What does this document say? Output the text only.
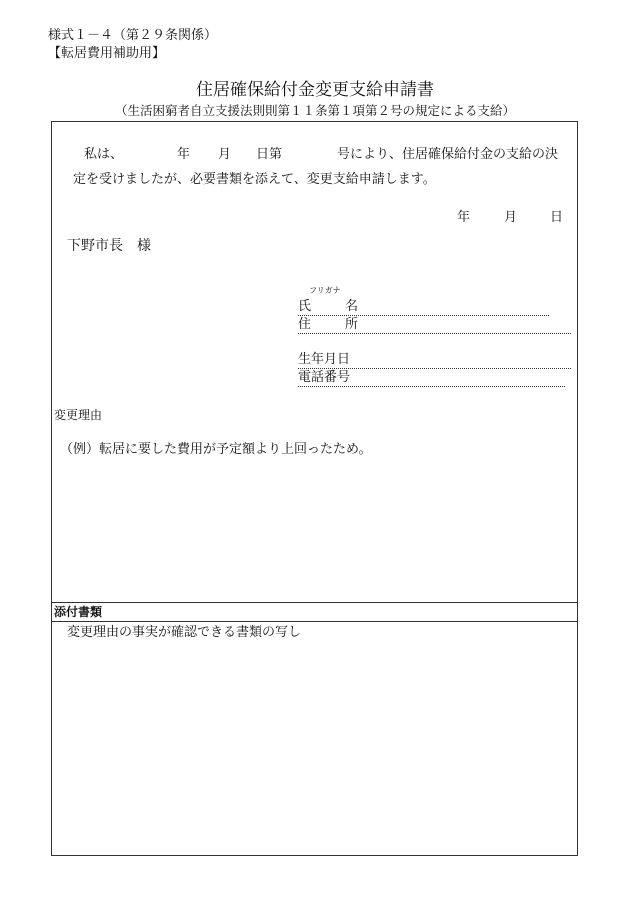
様式１－４（第２９条関係）
【転居費用補助用】
住居確保給付金変更支給申請書
（生活困窮者自立支援法則則第１１条第１項第２号の規定による支給）
私は、	年 月 日第	号により、住居確保給付金の支給の決
定を受けましたが、必要書類を添えて、変更支給申請します。
年	月	日
下野市長　様
フリガナ
氏	名
住	所
生年月日
電話番号
変更理由
（例）転居に要した費用が予定額より上回ったため。
添付書類
変更理由の事実が確認できる書類の写し
